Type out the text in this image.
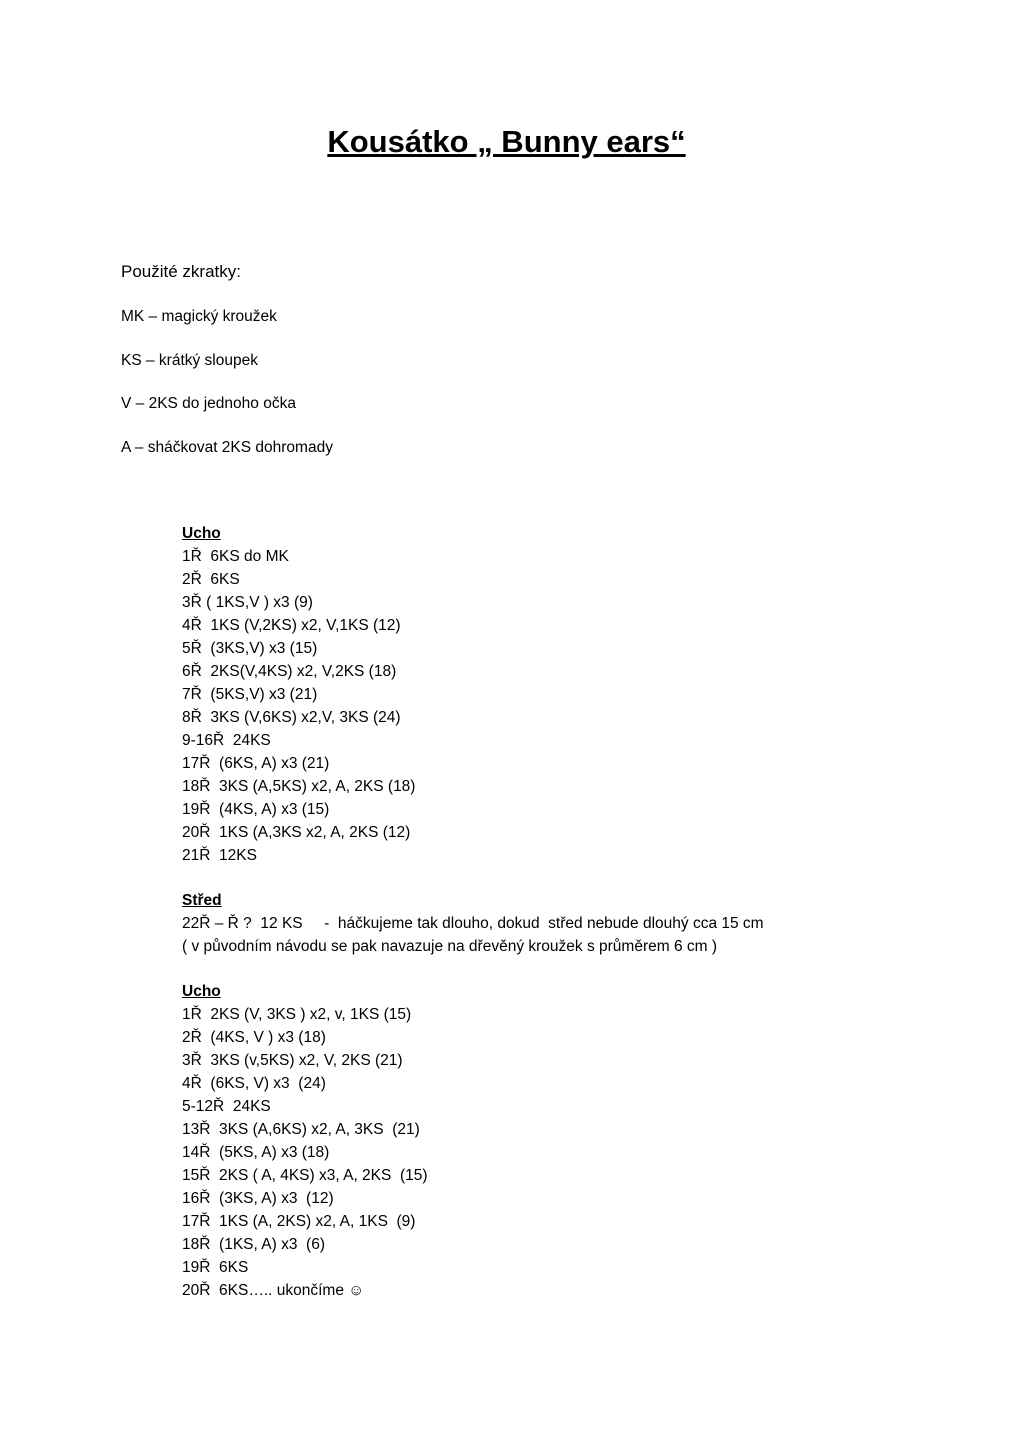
Kousátko „ Bunny ears“
Použité zkratky:
MK – magický kroužek
KS – krátký sloupek
V – 2KS do jednoho očka
A – sháčkovat 2KS dohromady
Ucho
1Ř  6KS do MK
2Ř  6KS
3Ř ( 1KS,V ) x3 (9)
4Ř  1KS (V,2KS) x2, V,1KS (12)
5Ř  (3KS,V) x3 (15)
6Ř  2KS(V,4KS) x2, V,2KS (18)
7Ř  (5KS,V) x3 (21)
8Ř  3KS (V,6KS) x2,V, 3KS (24)
9-16Ř  24KS
17Ř  (6KS, A) x3 (21)
18Ř  3KS (A,5KS) x2, A, 2KS (18)
19Ř  (4KS, A) x3 (15)
20Ř  1KS (A,3KS x2, A, 2KS (12)
21Ř  12KS
Střed
22Ř – Ř ?  12 KS     -  háčkujeme tak dlouho, dokud  střed nebude dlouhý cca 15 cm
( v původním návodu se pak navazuje na dřevěný kroužek s průměrem 6 cm )
Ucho
1Ř  2KS (V, 3KS ) x2, v, 1KS (15)
2Ř  (4KS, V ) x3 (18)
3Ř  3KS (v,5KS) x2, V, 2KS (21)
4Ř  (6KS, V) x3  (24)
5-12Ř  24KS
13Ř  3KS (A,6KS) x2, A, 3KS  (21)
14Ř  (5KS, A) x3 (18)
15Ř  2KS ( A, 4KS) x3, A, 2KS  (15)
16Ř  (3KS, A) x3  (12)
17Ř  1KS (A, 2KS) x2, A, 1KS  (9)
18Ř  (1KS, A) x3  (6)
19Ř  6KS
20Ř  6KS….. ukončíme ☺
